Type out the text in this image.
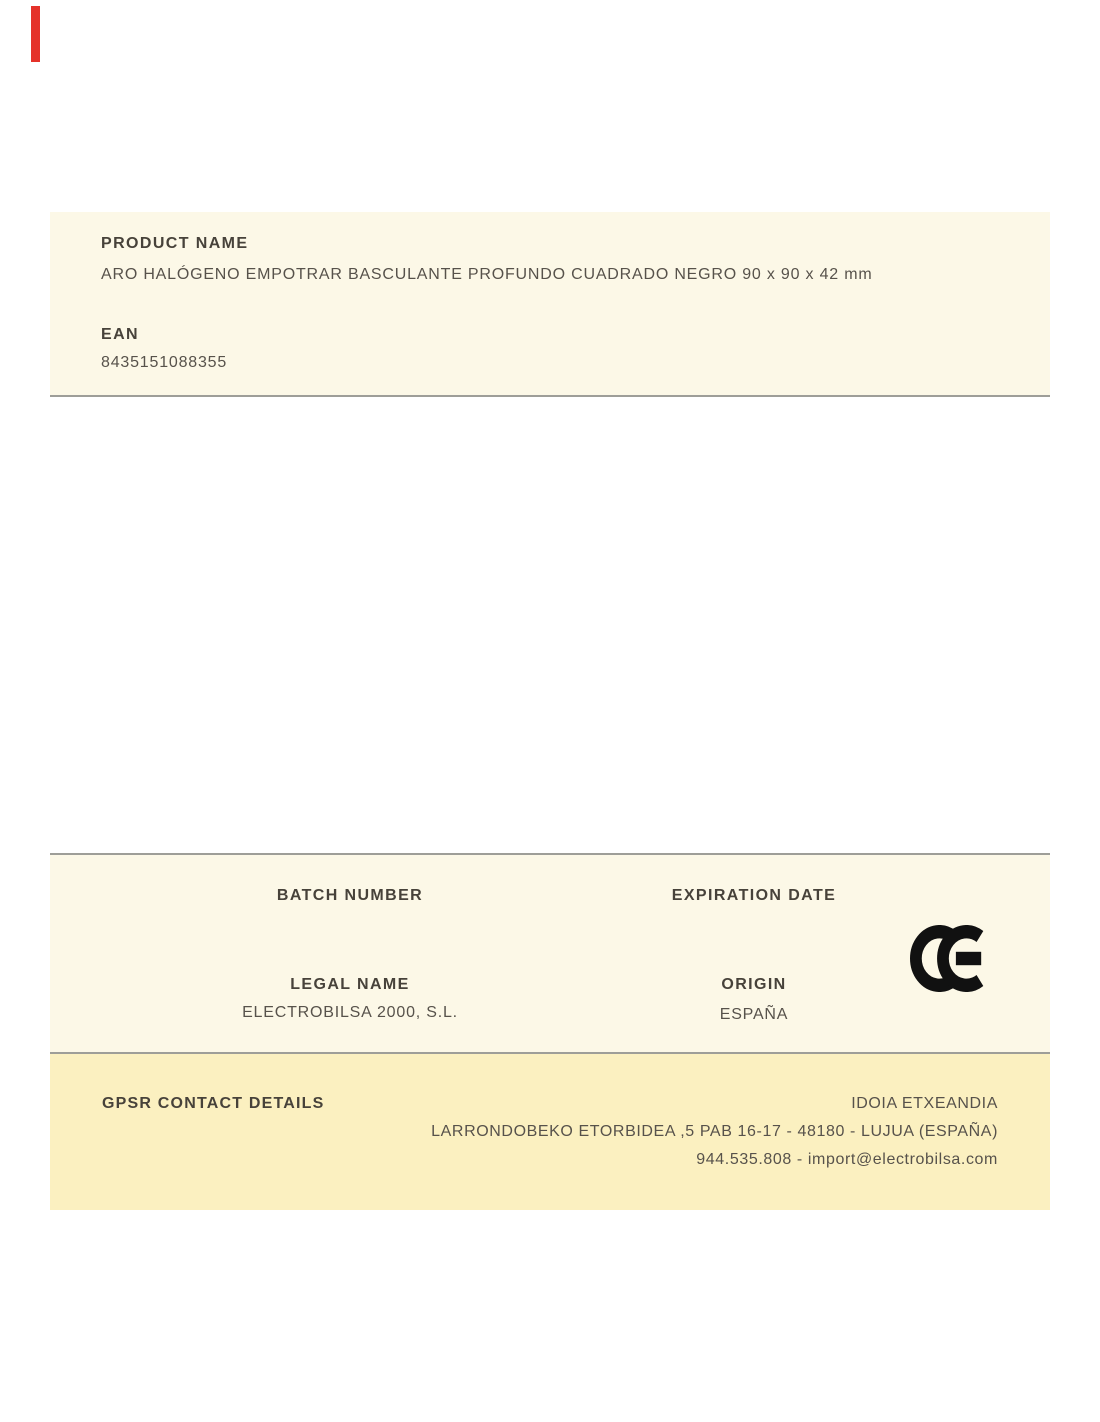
PRODUCT NAME
ARO HALÓGENO EMPOTRAR BASCULANTE PROFUNDO CUADRADO NEGRO 90 x 90 x 42 mm
EAN
8435151088355
BATCH NUMBER	EXPIRATION DATE
LEGAL NAME
ELECTROBILSA 2000, S.L.
ORIGIN
ESPAÑA
GPSR CONTACT DETAILS	IDOIA ETXEANDIA
LARRONDOBEKO ETORBIDEA ,5 PAB 16-17 - 48180 - LUJUA (ESPAÑA)
944.535.808 - import@electrobilsa.com
